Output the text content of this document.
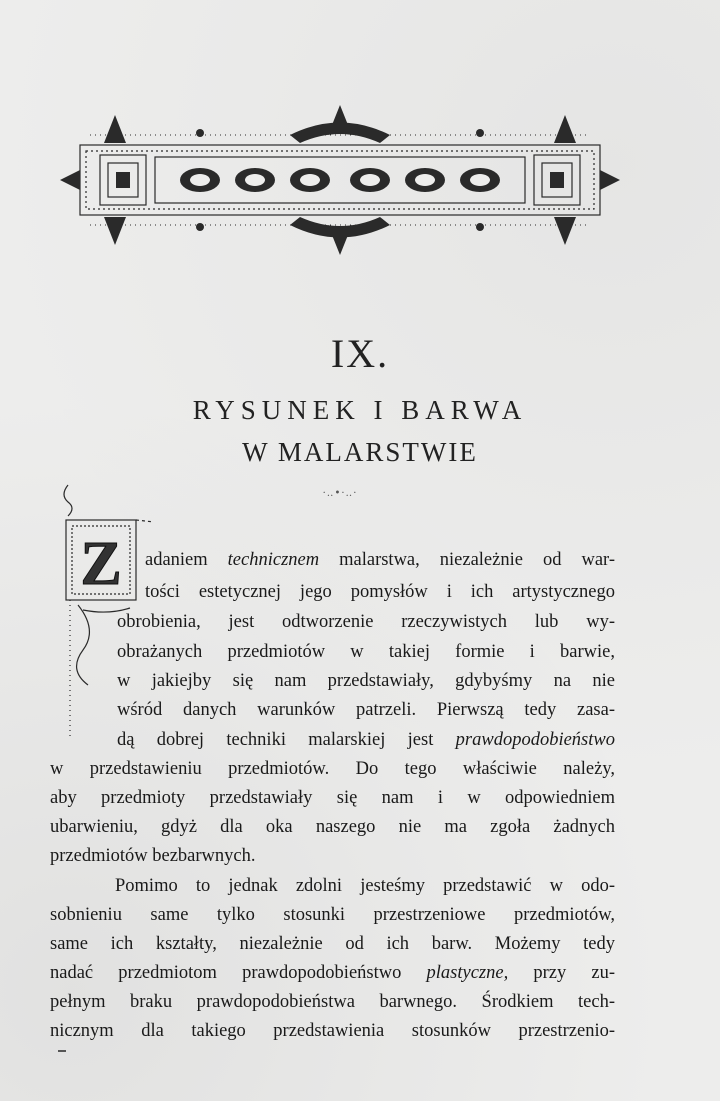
IX.
RYSUNEK I BARWA
W MALARSTWIE
·‥•·‥·
Z adaniem technicznem malarstwa, niezależnie od war-
tości estetycznej jego pomysłów i ich artystycznego
obrobienia, jest odtworzenie rzeczywistych lub wy-
obrażanych przedmiotów w takiej formie i barwie,
w jakiejby się nam przedstawiały, gdybyśmy na nie
wśród danych warunków patrzeli. Pierwszą tedy zasa-
dą dobrej techniki malarskiej jest prawdopodobieństwo
w przedstawieniu przedmiotów. Do tego właściwie należy,
aby przedmioty przedstawiały się nam i w odpowiedniem
ubarwieniu, gdyż dla oka naszego nie ma zgoła żadnych
przedmiotów bezbarwnych.
Pomimo to jednak zdolni jesteśmy przedstawić w odo-
sobnieniu same tylko stosunki przestrzeniowe przedmiotów,
same ich kształty, niezależnie od ich barw. Możemy tedy
nadać przedmiotom prawdopodobieństwo plastyczne, przy zu-
pełnym braku prawdopodobieństwa barwnego. Środkiem tech-
nicznym dla takiego przedstawienia stosunków przestrzenio-
